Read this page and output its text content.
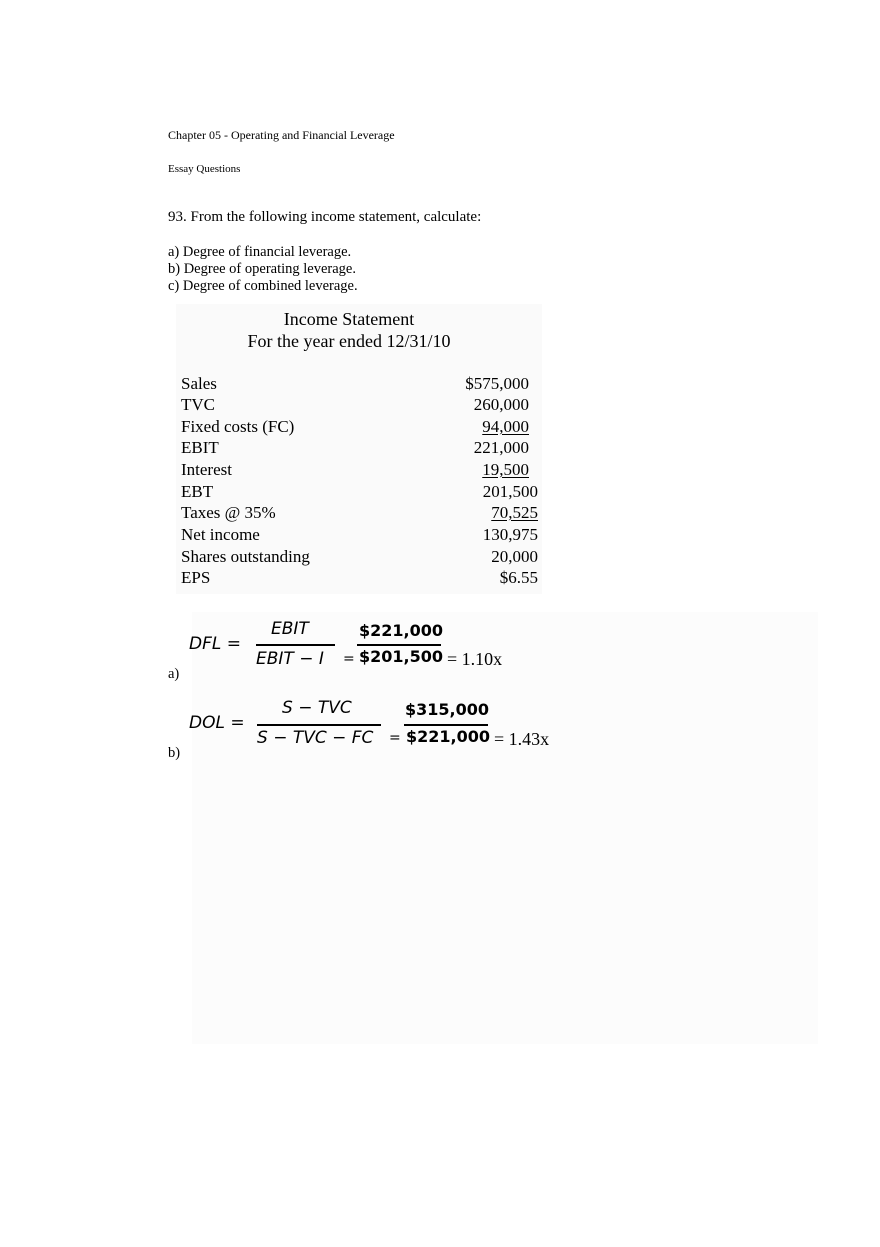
Chapter 05 - Operating and Financial Leverage
Essay Questions
93. From the following income statement, calculate:
a) Degree of financial leverage.
b) Degree of operating leverage.
c) Degree of combined leverage.
Income Statement
For the year ended 12/31/10
Sales	$575,000
TVC	260,000
Fixed costs (FC)	94,000
EBIT	221,000
Interest	19,500
EBT	201,500
Taxes @ 35%	70,525
Net income	130,975
Shares outstanding	20,000
EPS	$6.55
DFL =
EBIT
EBIT − I =
$221,000
$201,500 = 1.10x
a)
DOL =
S − TVC
S − TVC − FC =
$315,000
$221,000 = 1.43x
b)
